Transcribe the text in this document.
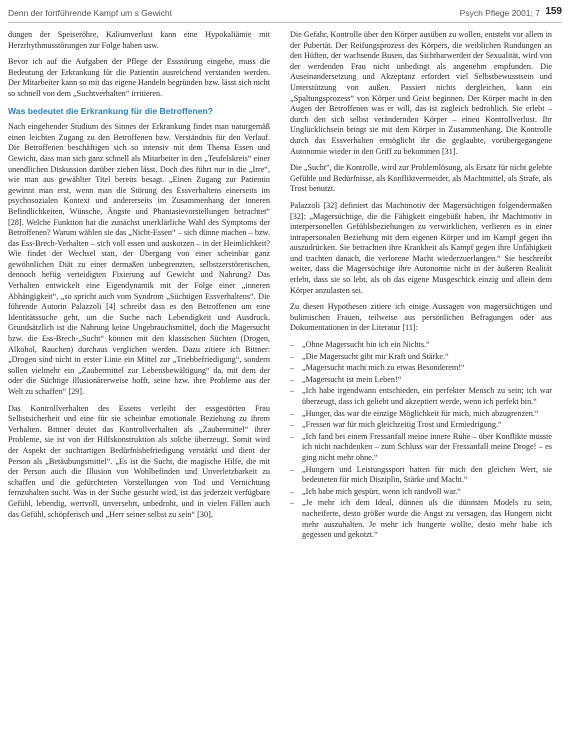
Denn der fortführende Kampf um s Gewicht	Psych Pflege 2001; 7 159

dungen der Speiseröhre, Kaliumverlust kann eine Hypokaliämie mit Herzrhythmusstörungen zur Folge haben usw.

Bevor ich auf die Aufgaben der Pflege der Essstörung eingehe, muss die Bedeutung der Erkrankung für die Patientin ausreichend verstanden werden. Der Mitarbeiter kann so mit das eigene Handeln begründen bzw. lässt sich nicht so schnell von dem „Suchtverhalten“ irritieren.

Was bedeutet die Erkrankung für die Betroffenen?

Nach eingehender Studium des Sinnes der Erkrankung findet man naturgemäß einen leichten Zugang zu den Betroffenen bzw. Verständnis für den Verlauf. Die Betroffenen beschäftigen sich so intensiv mit dem Thema Essen und Gewicht, dass man sich ganz schnell als Mitarbeiter in den „Teufelskreis“ einer unendlichen Diskussion darüber ziehen lässt. Doch dies führt nur in die „Irre“, wie man aus gewählter Titel bereits besagt. „Einen Zugang zur Patientin gewinnt man erst, wenn man die Störung des Essverhaltens einerseits im psychosozialen Kontext und andererseits im Zusammenhang der inneren Befindlichkeiten, Wünsche, Ängste und Phantasievorstellungen betrachtet“ [28]. Welche Funktion hat die zunächst unerklärliche Wahl des Symptoms der Betroffenen? Warum wählen sie das „Nicht-Essen“ – sich dünne machen – bzw. das Ess-Brech-Verhalten – sich voll essen und auskotzen – in der Heimlichkeit? Wie findet der Wechsel statt, der Übergang von einer scheinbar ganz gewöhnlichen Diät zu einer dermaßen unbegrenzten, selbstzerstörerischen, dennoch heftig verteidigten Fixierung auf Gewicht und Nahrung? Das Verhalten entwickelt eine Eigendynamik mit der Folge einer „inneren Abhängigkeit“, „so spricht auch vom Syndrom „Süchtigen Essverhaltens“. Die führende Autorin Palazzoli [4] schreibt dass es den Betroffenen um eine Identitätssuche geht, um die Suche nach Lebendigkeit und Ausdruck. Grundsätzlich ist die Nahrung keine Ungebrauchsmittel, doch die Magersucht bzw. die Ess-Brech-„Sucht“ können mit den klassischen Süchten (Drogen, Alkohol, Rauchen) durchaus verglichen werden. Dazu zitiere ich Bittner: „Drogen sind nicht in erster Linie ein Mittel zur „Triebbefriedigung“, sondern sollen vielmehr ein „Zaubermittel zur Lebensbewältigung“ da, mit dem der oder die Süchtige illusionärerweise hofft, seine bzw. ihre Probleme aus der Welt zu schaffen“ [29].

Das Kontrollverhalten des Essens verleiht der essgestörten Frau Selbstsicherheit und eine für sie scheinbar emotionale Beziehung zu ihrem Verhalten. Bittner deutet das Kontrollverhalten als „Zaubermittel“ ihrer Probleme, sie ist von der Hilfskonstruktion als solche überzeugt. Somit wird der Aspekt der suchtartigen Bedürfnisbefriedigung verstärkt und dient der Person als „Betäubungsmittel“. „Es ist die Sucht, die magische Hilfe, die mit der Person auch die Illusion von Wohlbefinden und Unverletzbarkeit zu schaffen und die gefürchteten Vorstellungen von Tod und Vernichtung fernzuhalten sucht. Was in der Suche gesucht wird, ist das jederzeit verfügbare Gefühl, lebendig, wertvoll, unversehrt, unbedroht, und in vielen Fällen auch das Gefühl, schöpferisch und „Herr seiner selbst zu sein“ [30].

Die Gefahr, Kontrolle über den Körper ausüben zu wollen, entsteht vor allem in der Pubertät. Der Reifungsprozess des Körpers, die weiblichen Rundungen an den Hüften, der wachsende Busen, das Sichtbarwerden der Sexualität, wird von der werdenden Frau nicht unbedingt als angenehm empfunden. Die Auseinandersetzung und Akzeptanz erfordert viel Selbstbewusstsein und Unterstützung von außen. Passiert nichts dergleichen, kann ein „Spaltungsprozess“ von Körper und Geist beginnen. Der Körper macht in den Augen der Betroffenen was er will, das ist zugleich bedrohlich. Sie erlebt – durch den sich selbst verändernden Körper – einen Kontrollverlust. Ihr Unglücklichsein bringt sie mit dem Körper in Zusammenhang. Die Kontrolle durch das Essverhalten ermöglicht ihr die geglaubte, vorübergegangene Autonomie wieder in den Griff zu bekommen [31].

Die „Sucht“, die Kontrolle, wird zur Problemlösung, als Ersatz für nicht gelebte Gefühle und Bedürfnisse, als Konfliktvermeider, als Machtmittel, als Strafe, als Trost benutzt.

Palazzoli [32] definiert das Machtmotiv der Magersüchtigen folgendermaßen [32]: „Magersüchtige, die die Fähigkeit eingebüßt haben, ihr Machtmotiv in interpersonellen Gefühlsbeziehungen zu verwirklichen, verlieren es in einer intrapersonalen Beziehung mit dem eigenen Körper und im Kampf gegen ihn auszudrücken. Sie betrachten ihre Krankheit als Kampf gegen ihre Unfähigkeit und trachten danach, die verlorene Macht wiederzuerlangen.“ Sie beschreibt weiter, dass die Magersüchtige ihre Autonomie nicht in der äußeren Realität erlebt, dass sie so lebt, als ob das eigene Musgeschick einzig und allein dem Körper anzulasten sei.

Zu diesen Hypothesen zitiere ich einige Aussagen von magersüchtigen und bulimischen Frauen, teilweise aus persönlichen Befragungen oder aus Dokumentationen in der Literatur [11]:

– „Ohne Magersucht bin ich ein Nichts.“
– „Die Magersucht gibt mir Kraft und Stärke.“
– „Magersucht macht mich zu etwas Besonderem!“
– „Magersucht ist mein Leben!“
– „Ich habe irgendwann entschieden, ein perfekter Mensch zu sein; ich war überzeugt, dass ich geliebt und akzeptiert werde, wenn ich perfekt bin.“
– „Hunger, das war die einzige Möglichkeit für mich, mich abzugrenzen.“
– „Fressen war für mich gleichzeitig Trost und Ermiedrigung.“
– „Ich fand bei einem Fressanfall meine innere Ruhe – über Konflikte musste ich nicht nachdenken – zum Schluss war der Fressanfall meine Droge! – es ging nicht mehr ohne.“
– „Hungern und Leistungssport hatten für mich den gleichen Wert, sie bedeuteten für mich Disziplin, Stärke und Macht.“
– „Ich habe mich gespürt, wenn ich randvoll war.“
– „Je mehr ich dem Ideal, dünnen als die dünnsten Models zu sein, nacheiferte, desto größer wurde die Angst zu versagen, das Hungern nicht mehr auszuhalten. Je mehr ich hungerte wollte, desto mehr habe ich gegessen und gekotzt.“
